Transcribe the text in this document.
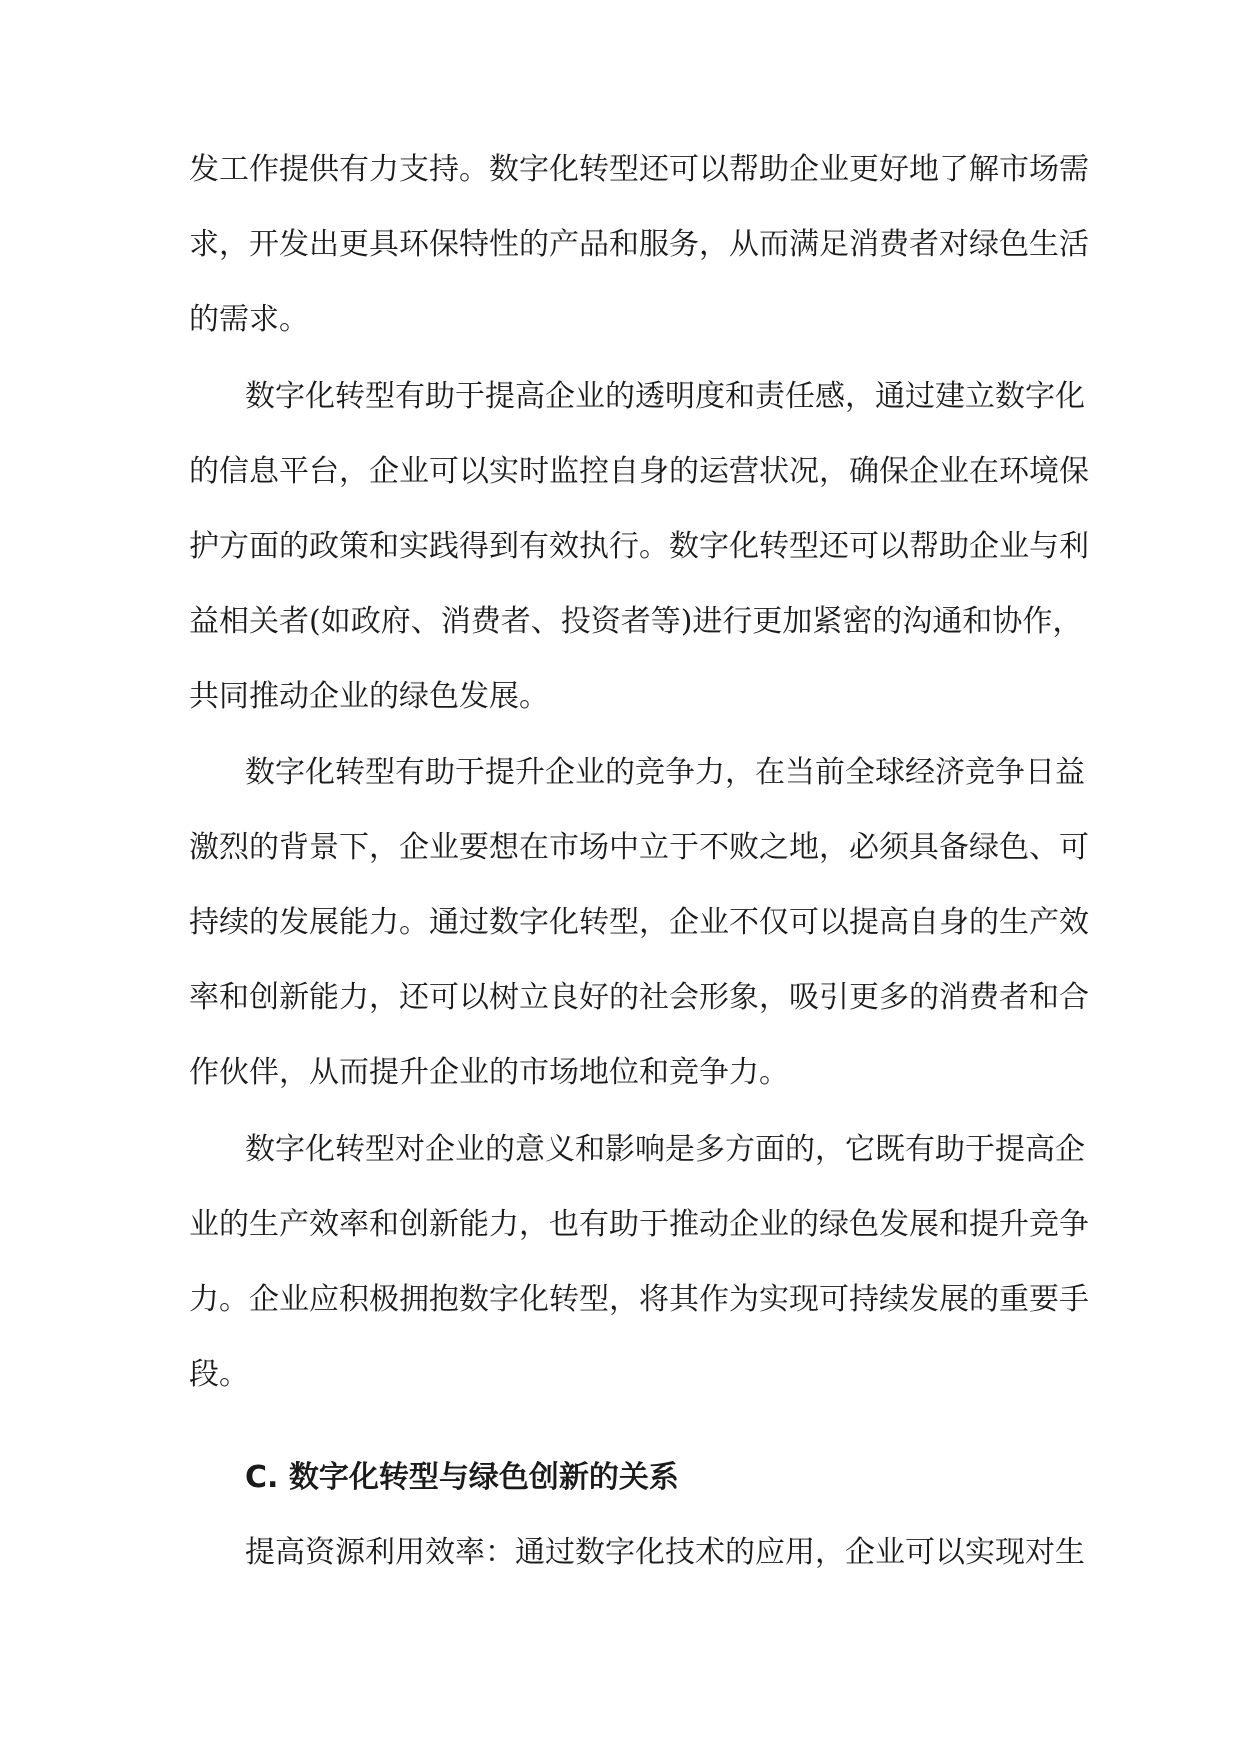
发工作提供有力支持。数字化转型还可以帮助企业更好地了解市场需
求，开发出更具环保特性的产品和服务，从而满足消费者对绿色生活
的需求。
数字化转型有助于提高企业的透明度和责任感，通过建立数字化
的信息平台，企业可以实时监控自身的运营状况，确保企业在环境保
护方面的政策和实践得到有效执行。数字化转型还可以帮助企业与利
益相关者(如政府、消费者、投资者等)进行更加紧密的沟通和协作，
共同推动企业的绿色发展。
数字化转型有助于提升企业的竞争力，在当前全球经济竞争日益
激烈的背景下，企业要想在市场中立于不败之地，必须具备绿色、可
持续的发展能力。通过数字化转型，企业不仅可以提高自身的生产效
率和创新能力，还可以树立良好的社会形象，吸引更多的消费者和合
作伙伴，从而提升企业的市场地位和竞争力。
数字化转型对企业的意义和影响是多方面的，它既有助于提高企
业的生产效率和创新能力，也有助于推动企业的绿色发展和提升竞争
力。企业应积极拥抱数字化转型，将其作为实现可持续发展的重要手
段。
C. 数字化转型与绿色创新的关系
提高资源利用效率：通过数字化技术的应用，企业可以实现对生
